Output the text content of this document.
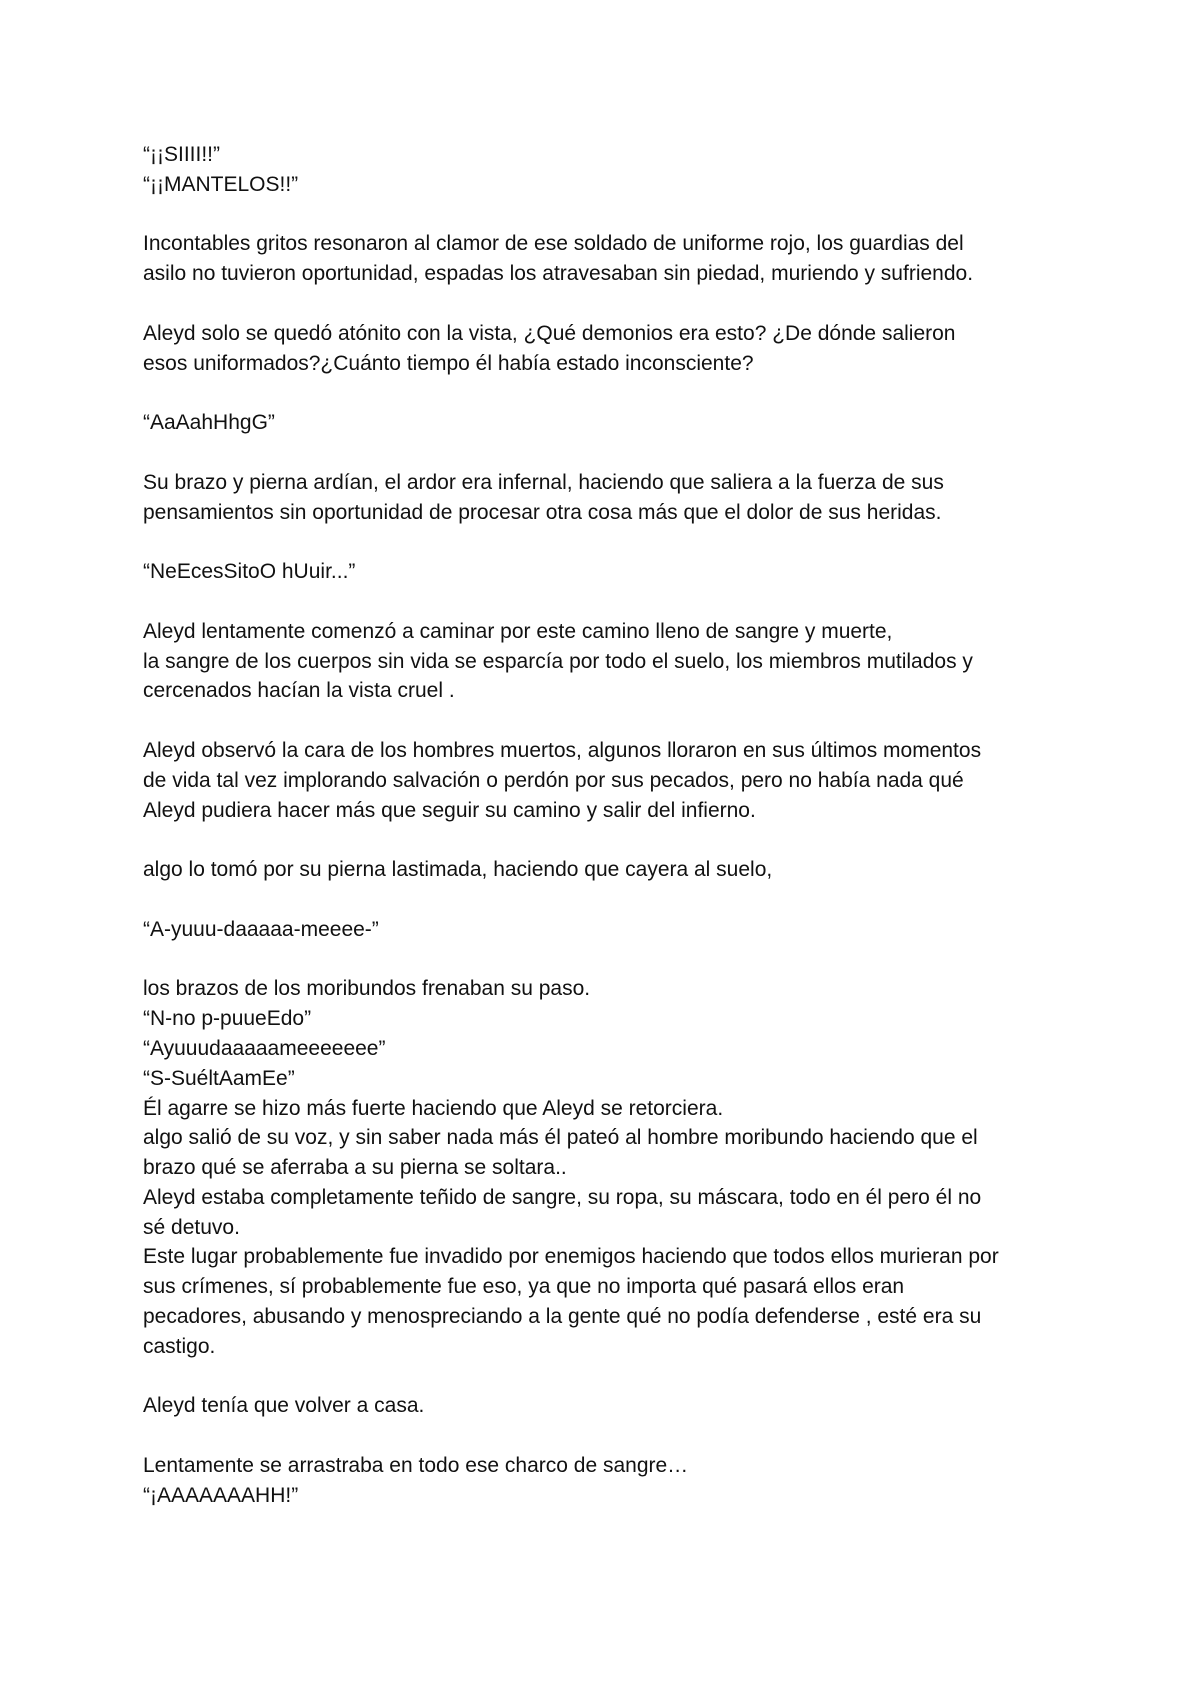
“¡¡SIIII!!”
“¡¡MANTELOS!!”

Incontables gritos resonaron al clamor de ese soldado de uniforme rojo, los guardias del
asilo no tuvieron oportunidad, espadas los atravesaban sin piedad, muriendo y sufriendo.

Aleyd solo se quedó atónito con la vista, ¿Qué demonios era esto? ¿De dónde salieron
esos uniformados?¿Cuánto tiempo él había estado inconsciente?

“AaAahHhgG”

Su brazo y pierna ardían, el ardor era infernal, haciendo que saliera a la fuerza de sus
pensamientos sin oportunidad de procesar otra cosa más que el dolor de sus heridas.

“NeEcesSitoO hUuir...”

Aleyd lentamente comenzó a caminar por este camino lleno de sangre y muerte,
la sangre de los cuerpos sin vida se esparcía por todo el suelo, los miembros mutilados y
cercenados hacían la vista cruel .

Aleyd observó la cara de los hombres muertos, algunos lloraron en sus últimos momentos
de vida tal vez implorando salvación o perdón por sus pecados, pero no había nada qué
Aleyd pudiera hacer más que seguir su camino y salir del infierno.

algo lo tomó por su pierna lastimada, haciendo que cayera al suelo,

“A-yuuu-daaaaa-meeee-”

los brazos de los moribundos frenaban su paso.
“N-no p-puueEdo”
“Ayuuudaaaaameeeeeee”
“S-SuéltAamEe”
Él agarre se hizo más fuerte haciendo que Aleyd se retorciera.
algo salió de su voz, y sin saber nada más él pateó al hombre moribundo haciendo que el
brazo qué se aferraba a su pierna se soltara..
Aleyd estaba completamente teñido de sangre, su ropa, su máscara, todo en él pero él no
sé detuvo.
Este lugar probablemente fue invadido por enemigos haciendo que todos ellos murieran por
sus crímenes, sí probablemente fue eso, ya que no importa qué pasará ellos eran
pecadores, abusando y menospreciando a la gente qué no podía defenderse , esté era su
castigo.

Aleyd tenía que volver a casa.

Lentamente se arrastraba en todo ese charco de sangre…
“¡AAAAAAAHH!”
